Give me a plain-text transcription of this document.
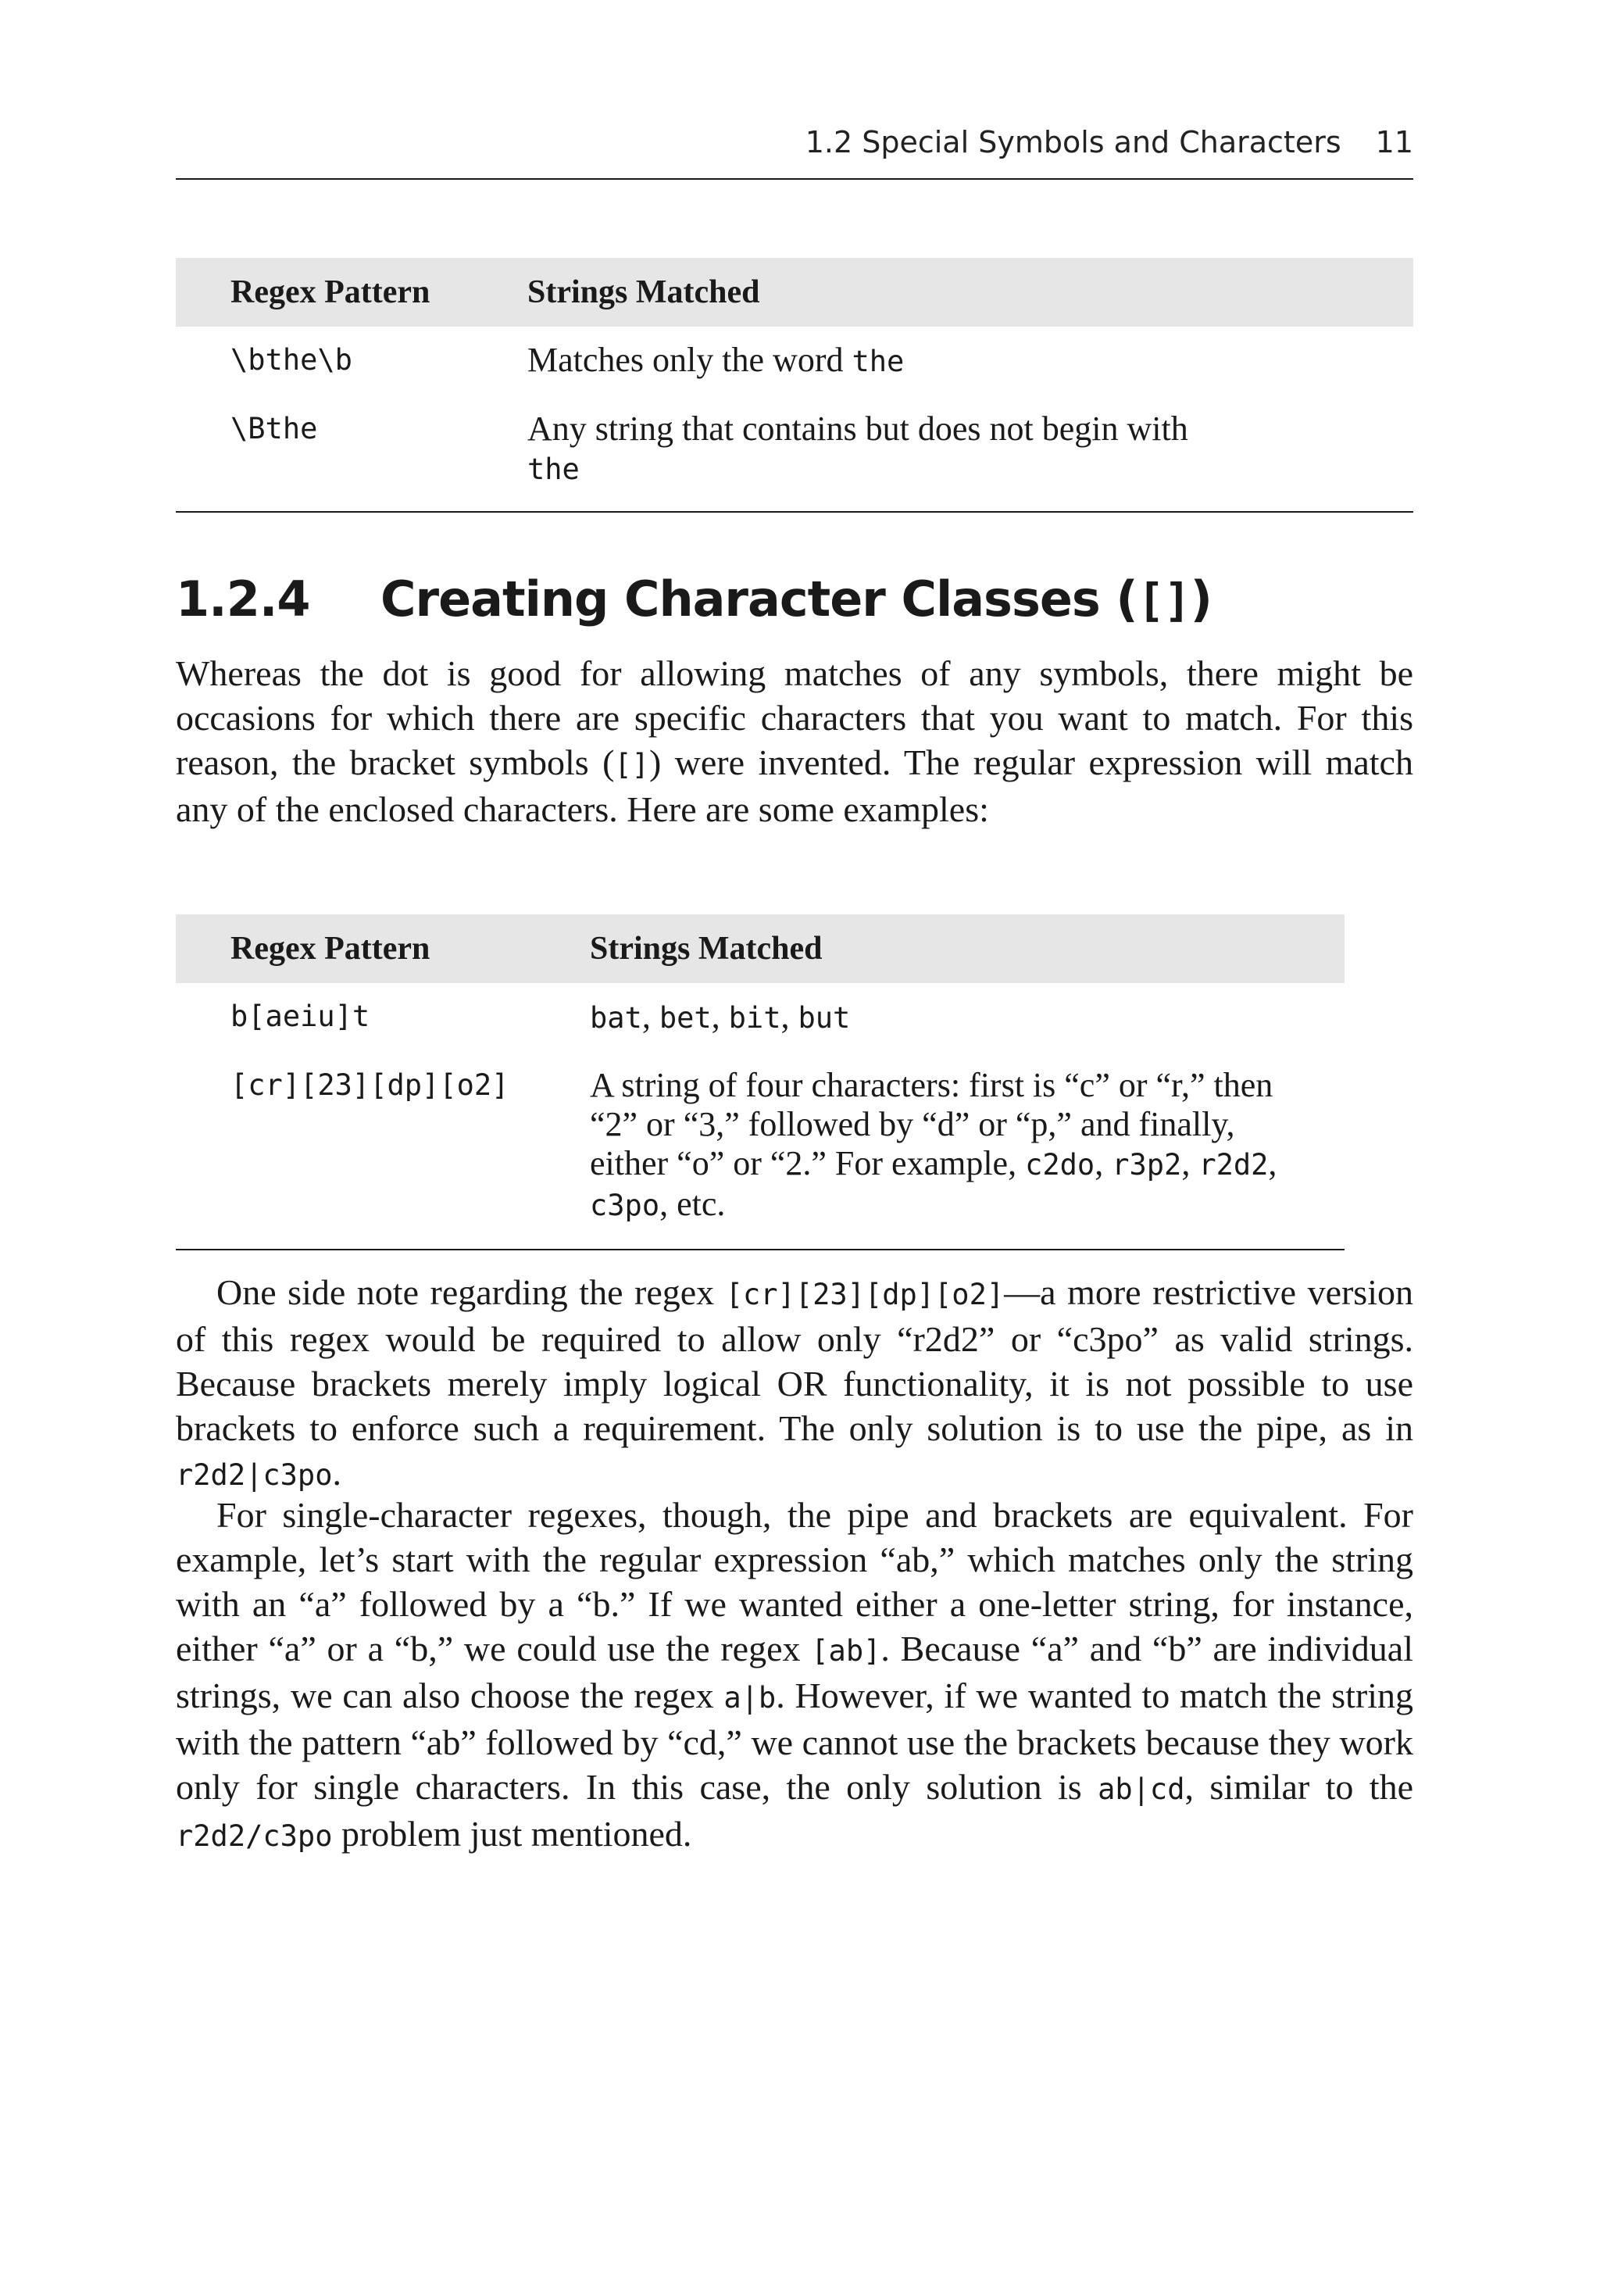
1.2 Special Symbols and Characters 11
Regex Pattern	Strings Matched
\bthe\b	Matches only the word the
\Bthe	Any string that contains but does not begin with the
1.2.4 Creating Character Classes ([])

Whereas the dot is good for allowing matches of any symbols, there might be occasions for which there are specific characters that you want to match. For this reason, the bracket symbols ([]) were invented. The regular expression will match any of the enclosed characters. Here are some examples:

Regex Pattern	Strings Matched
b[aeiu]t	bat, bet, bit, but
[cr][23][dp][o2]	A string of four characters: first is “c” or “r,” then “2” or “3,” followed by “d” or “p,” and finally, either “o” or “2.” For example, c2do, r3p2, r2d2, c3po, etc.

One side note regarding the regex [cr][23][dp][o2]—a more restrictive version of this regex would be required to allow only “r2d2” or “c3po” as valid strings. Because brackets merely imply logical OR functionality, it is not possible to use brackets to enforce such a requirement. The only solution is to use the pipe, as in r2d2|c3po.

For single-character regexes, though, the pipe and brackets are equivalent. For example, let’s start with the regular expression “ab,” which matches only the string with an “a” followed by a “b.” If we wanted either a one-letter string, for instance, either “a” or a “b,” we could use the regex [ab]. Because “a” and “b” are individual strings, we can also choose the regex a|b. However, if we wanted to match the string with the pattern “ab” followed by “cd,” we cannot use the brackets because they work only for single characters. In this case, the only solution is ab|cd, similar to the r2d2/c3po problem just mentioned.
